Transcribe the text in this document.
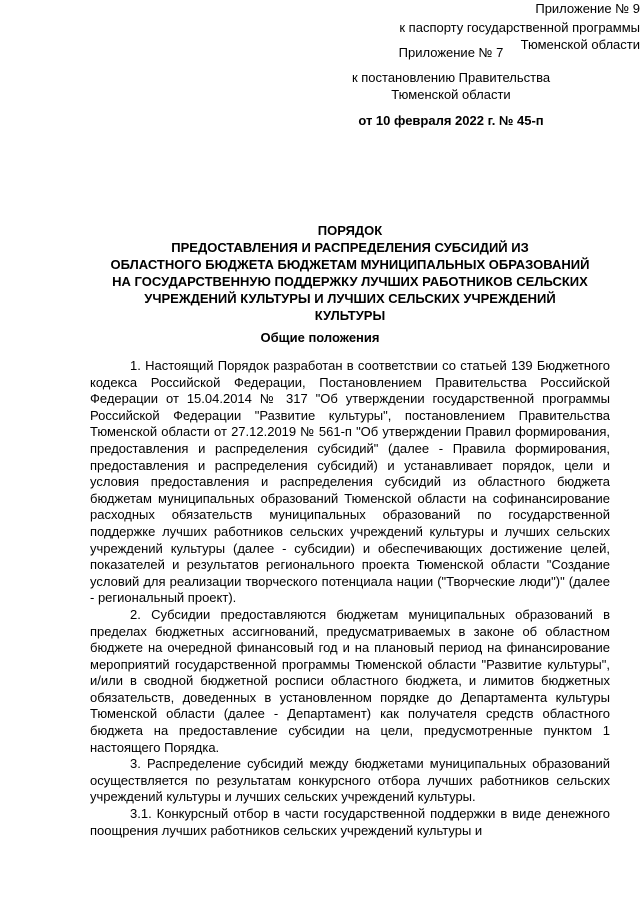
Приложение № 7
к постановлению Правительства
Тюменской области
от 10 февраля 2022 г. № 45-п
Приложение № 9
к паспорту государственной программы
Тюменской области
ПОРЯДОК
ПРЕДОСТАВЛЕНИЯ И РАСПРЕДЕЛЕНИЯ СУБСИДИЙ ИЗ
ОБЛАСТНОГО БЮДЖЕТА БЮДЖЕТАМ МУНИЦИПАЛЬНЫХ ОБРАЗОВАНИЙ
НА ГОСУДАРСТВЕННУЮ ПОДДЕРЖКУ ЛУЧШИХ РАБОТНИКОВ СЕЛЬСКИХ
УЧРЕЖДЕНИЙ КУЛЬТУРЫ И ЛУЧШИХ СЕЛЬСКИХ УЧРЕЖДЕНИЙ
КУЛЬТУРЫ
Общие положения

1. Настоящий Порядок разработан в соответствии со статьей 139 Бюджетного кодекса Российской Федерации, Постановлением Правительства Российской Федерации от 15.04.2014 № 317 "Об утверждении государственной программы Российской Федерации "Развитие культуры", постановлением Правительства Тюменской области от 27.12.2019 № 561-п "Об утверждении Правил формирования, предоставления и распределения субсидий" (далее - Правила формирования, предоставления и распределения субсидий) и устанавливает порядок, цели и условия предоставления и распределения субсидий из областного бюджета бюджетам муниципальных образований Тюменской области на софинансирование расходных обязательств муниципальных образований по государственной поддержке лучших работников сельских учреждений культуры и лучших сельских учреждений культуры (далее - субсидии) и обеспечивающих достижение целей, показателей и результатов регионального проекта Тюменской области "Создание условий для реализации творческого потенциала нации ("Творческие люди")" (далее - региональный проект).

2. Субсидии предоставляются бюджетам муниципальных образований в пределах бюджетных ассигнований, предусматриваемых в законе об областном бюджете на очередной финансовый год и на плановый период на финансирование мероприятий государственной программы Тюменской области "Развитие культуры", и/или в сводной бюджетной росписи областного бюджета, и лимитов бюджетных обязательств, доведенных в установленном порядке до Департамента культуры Тюменской области (далее - Департамент) как получателя средств областного бюджета на предоставление субсидии на цели, предусмотренные пунктом 1 настоящего Порядка.

3. Распределение субсидий между бюджетами муниципальных образований осуществляется по результатам конкурсного отбора лучших работников сельских учреждений культуры и лучших сельских учреждений культуры.

3.1. Конкурсный отбор в части государственной поддержки в виде денежного поощрения лучших работников сельских учреждений культуры и
